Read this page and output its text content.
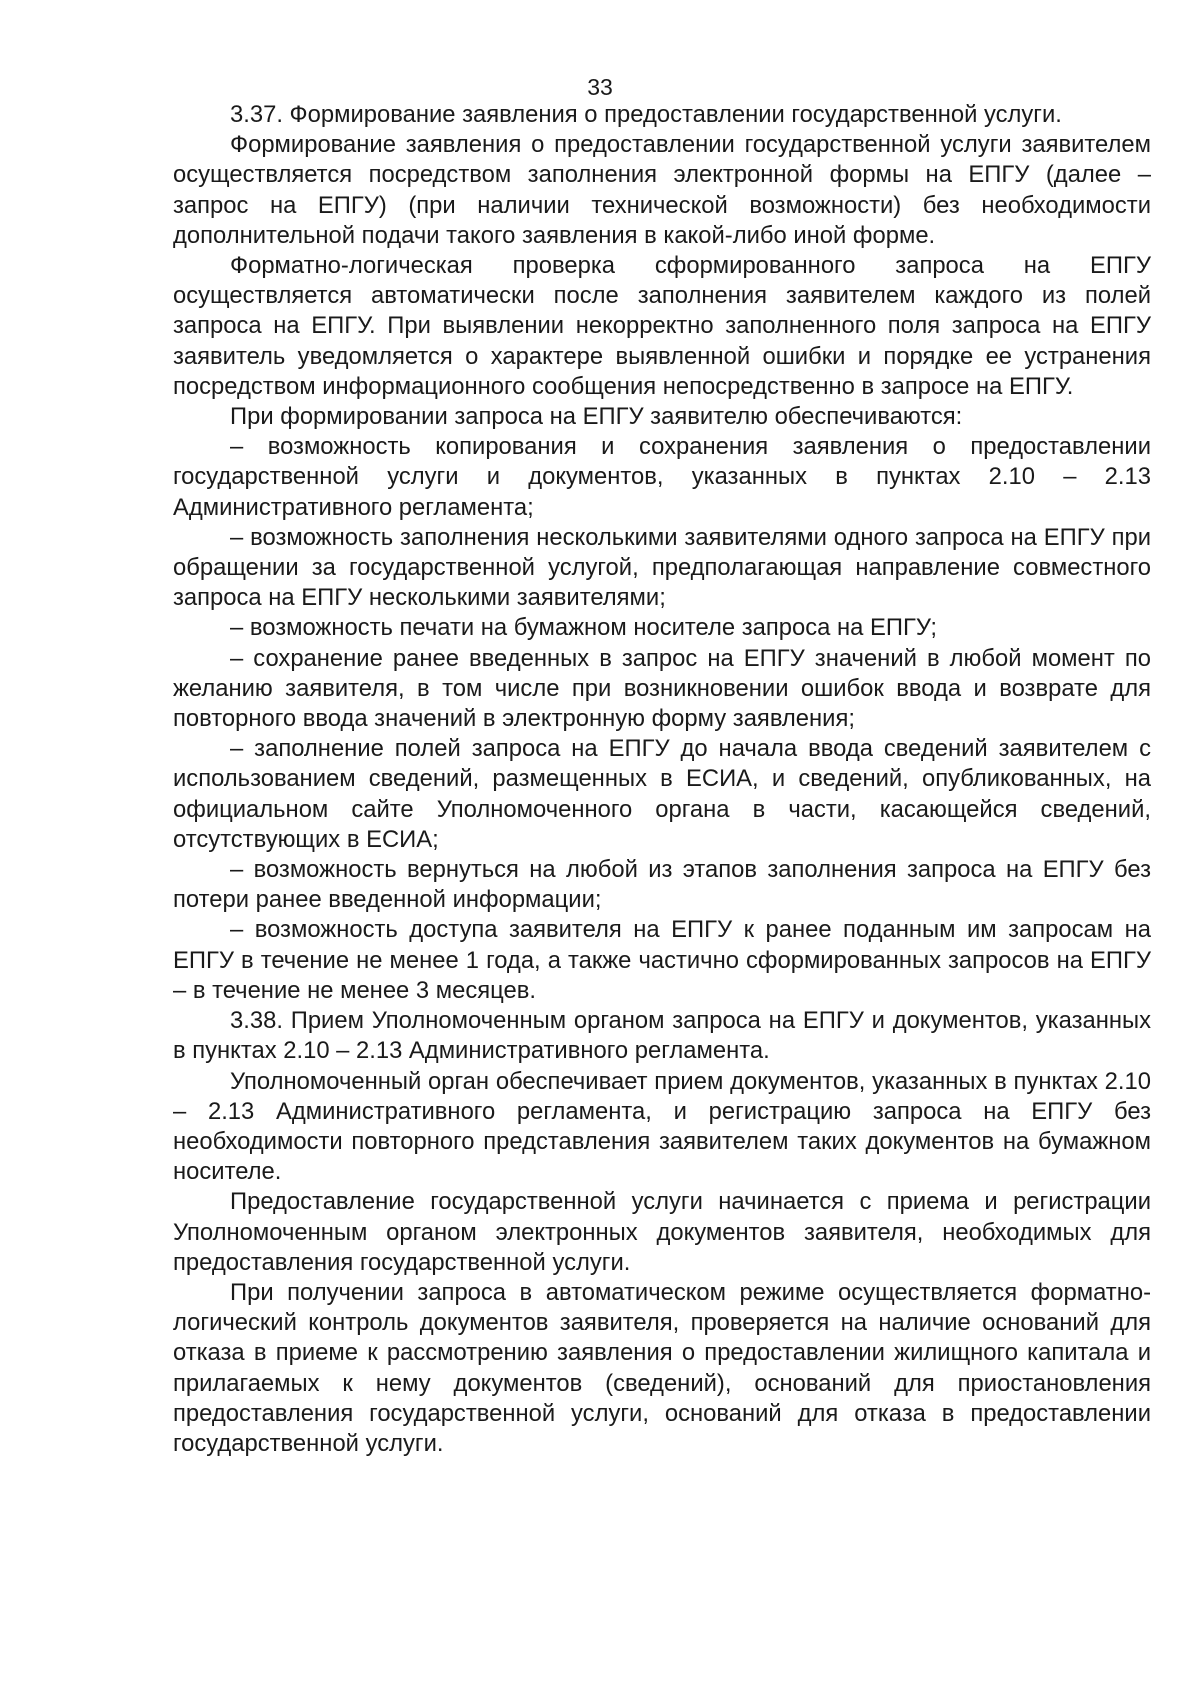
33

3.37. Формирование заявления о предоставлении государственной услуги.

Формирование заявления о предоставлении государственной услуги заявителем осуществляется посредством заполнения электронной формы на ЕПГУ (далее – запрос на ЕПГУ) (при наличии технической возможности) без необходимости дополнительной подачи такого заявления в какой-либо иной форме.

Форматно-логическая проверка сформированного запроса на ЕПГУ осуществляется автоматически после заполнения заявителем каждого из полей запроса на ЕПГУ. При выявлении некорректно заполненного поля запроса на ЕПГУ заявитель уведомляется о характере выявленной ошибки и порядке ее устранения посредством информационного сообщения непосредственно в запросе на ЕПГУ.

При формировании запроса на ЕПГУ заявителю обеспечиваются:

– возможность копирования и сохранения заявления о предоставлении государственной услуги и документов, указанных в пунктах 2.10 – 2.13 Административного регламента;

– возможность заполнения несколькими заявителями одного запроса на ЕПГУ при обращении за государственной услугой, предполагающая направление совместного запроса на ЕПГУ несколькими заявителями;

– возможность печати на бумажном носителе запроса на ЕПГУ;

– сохранение ранее введенных в запрос на ЕПГУ значений в любой момент по желанию заявителя, в том числе при возникновении ошибок ввода и возврате для повторного ввода значений в электронную форму заявления;

– заполнение полей запроса на ЕПГУ до начала ввода сведений заявителем с использованием сведений, размещенных в ЕСИА, и сведений, опубликованных, на официальном сайте Уполномоченного органа в части, касающейся сведений, отсутствующих в ЕСИА;

– возможность вернуться на любой из этапов заполнения запроса на ЕПГУ без потери ранее введенной информации;

– возможность доступа заявителя на ЕПГУ к ранее поданным им запросам на ЕПГУ в течение не менее 1 года, а также частично сформированных запросов на ЕПГУ – в течение не менее 3 месяцев.

3.38. Прием Уполномоченным органом запроса на ЕПГУ и документов, указанных в пунктах 2.10 – 2.13 Административного регламента.

Уполномоченный орган обеспечивает прием документов, указанных в пунктах 2.10 – 2.13 Административного регламента, и регистрацию запроса на ЕПГУ без необходимости повторного представления заявителем таких документов на бумажном носителе.

Предоставление государственной услуги начинается с приема и регистрации Уполномоченным органом электронных документов заявителя, необходимых для предоставления государственной услуги.

При получении запроса в автоматическом режиме осуществляется форматно-логический контроль документов заявителя, проверяется на наличие оснований для отказа в приеме к рассмотрению заявления о предоставлении жилищного капитала и прилагаемых к нему документов (сведений), оснований для приостановления предоставления государственной услуги, оснований для отказа в предоставлении государственной услуги.
